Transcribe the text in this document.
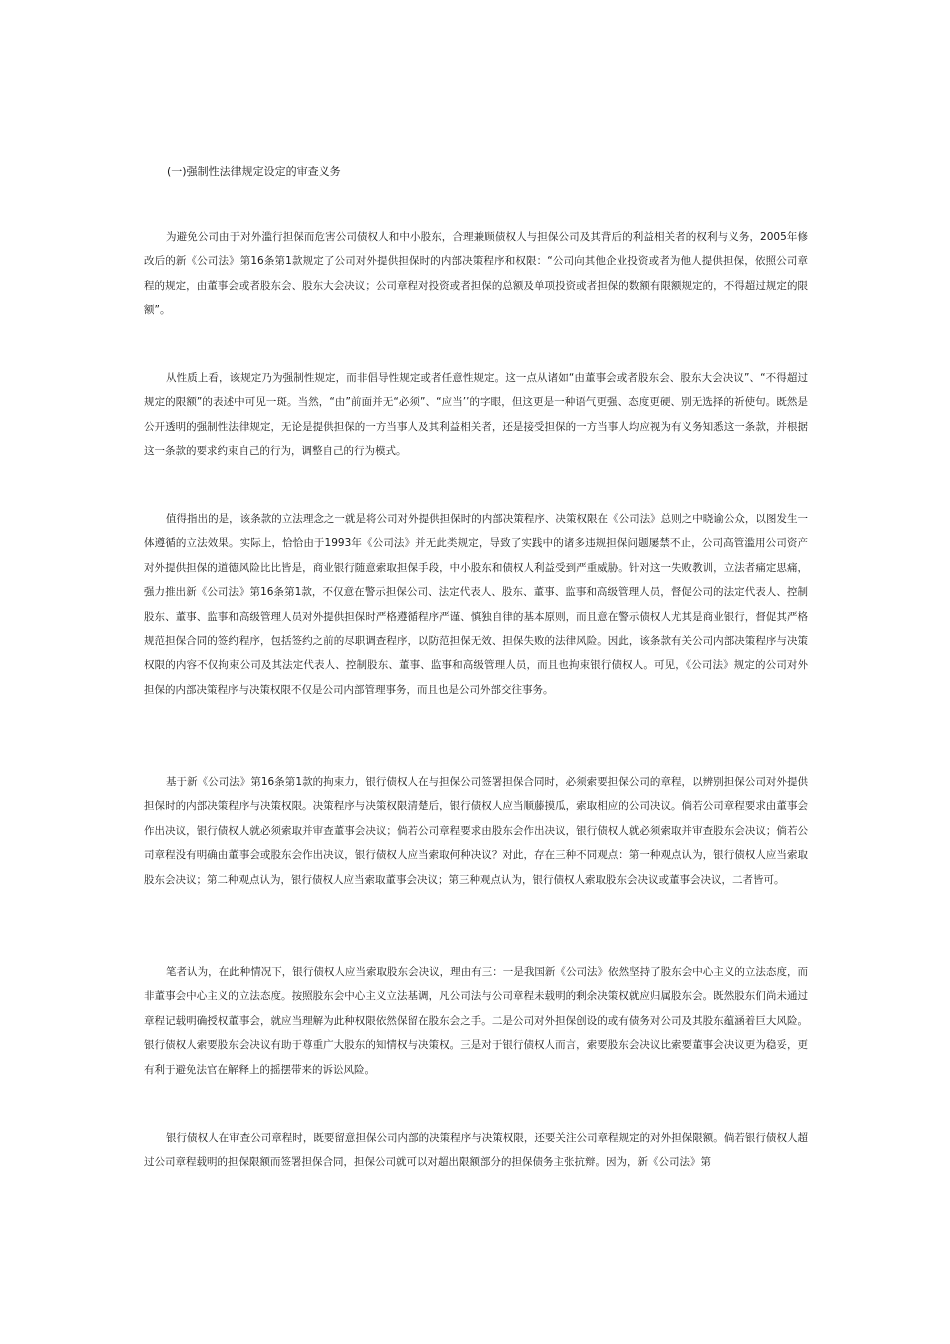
(一)强制性法律规定设定的审查义务

为避免公司由于对外滥行担保而危害公司债权人和中小股东，合理兼顾债权人与担保公司及其背后的利益相关者的权利与义务，2005年修改后的新《公司法》第16条第1款规定了公司对外提供担保时的内部决策程序和权限：“公司向其他企业投资或者为他人提供担保，依照公司章程的规定，由董事会或者股东会、股东大会决议；公司章程对投资或者担保的总额及单项投资或者担保的数额有限额规定的，不得超过规定的限额”。

从性质上看，该规定乃为强制性规定，而非倡导性规定或者任意性规定。这一点从诸如“由董事会或者股东会、股东大会决议”、“不得超过规定的限额”的表述中可见一斑。当然，“由”前面并无“必须”、“应当’’的字眼，但这更是一种语气更强、态度更硬、别无选择的祈使句。既然是公开透明的强制性法律规定，无论是提供担保的一方当事人及其利益相关者，还是接受担保的一方当事人均应视为有义务知悉这一条款，并根据这一条款的要求约束自己的行为，调整自己的行为模式。

值得指出的是，该条款的立法理念之一就是将公司对外提供担保时的内部决策程序、决策权限在《公司法》总则之中晓谕公众，以图发生一体遵循的立法效果。实际上，恰恰由于1993年《公司法》并无此类规定，导致了实践中的诸多违规担保问题屡禁不止，公司高管滥用公司资产对外提供担保的道德风险比比皆是，商业银行随意索取担保手段，中小股东和债权人利益受到严重威胁。针对这一失败教训，立法者痛定思痛，强力推出新《公司法》第16条第1款，不仅意在警示担保公司、法定代表人、股东、董事、监事和高级管理人员，督促公司的法定代表人、控制股东、董事、监事和高级管理人员对外提供担保时严格遵循程序严谨、慎独自律的基本原则，而且意在警示债权人尤其是商业银行，督促其严格规范担保合同的签约程序，包括签约之前的尽职调查程序，以防范担保无效、担保失败的法律风险。因此，该条款有关公司内部决策程序与决策权限的内容不仅拘束公司及其法定代表人、控制股东、董事、监事和高级管理人员，而且也拘束银行债权人。可见，《公司法》规定的公司对外担保的内部决策程序与决策权限不仅是公司内部管理事务，而且也是公司外部交往事务。

基于新《公司法》第16条第1款的拘束力，银行债权人在与担保公司签署担保合同时，必须索要担保公司的章程，以辨别担保公司对外提供担保时的内部决策程序与决策权限。决策程序与决策权限清楚后，银行债权人应当顺藤摸瓜，索取相应的公司决议。倘若公司章程要求由董事会作出决议，银行债权人就必须索取并审查董事会决议；倘若公司章程要求由股东会作出决议，银行债权人就必须索取并审查股东会决议；倘若公司章程没有明确由董事会或股东会作出决议，银行债权人应当索取何种决议？对此，存在三种不同观点：第一种观点认为，银行债权人应当索取股东会决议；第二种观点认为，银行债权人应当索取董事会决议；第三种观点认为，银行债权人索取股东会决议或董事会决议，二者皆可。

笔者认为，在此种情况下，银行债权人应当索取股东会决议，理由有三：一是我国新《公司法》依然坚持了股东会中心主义的立法态度，而非董事会中心主义的立法态度。按照股东会中心主义立法基调，凡公司法与公司章程未载明的剩余决策权就应归属股东会。既然股东们尚未通过章程记载明确授权董事会，就应当理解为此种权限依然保留在股东会之手。二是公司对外担保创设的或有债务对公司及其股东蕴涵着巨大风险。银行债权人索要股东会决议有助于尊重广大股东的知情权与决策权。三是对于银行债权人而言，索要股东会决议比索要董事会决议更为稳妥，更有利于避免法官在解释上的摇摆带来的诉讼风险。

银行债权人在审查公司章程时，既要留意担保公司内部的决策程序与决策权限，还要关注公司章程规定的对外担保限额。倘若银行债权人超过公司章程载明的担保限额而签署担保合同，担保公司就可以对超出限额部分的担保债务主张抗辩。因为，新《公司法》第
